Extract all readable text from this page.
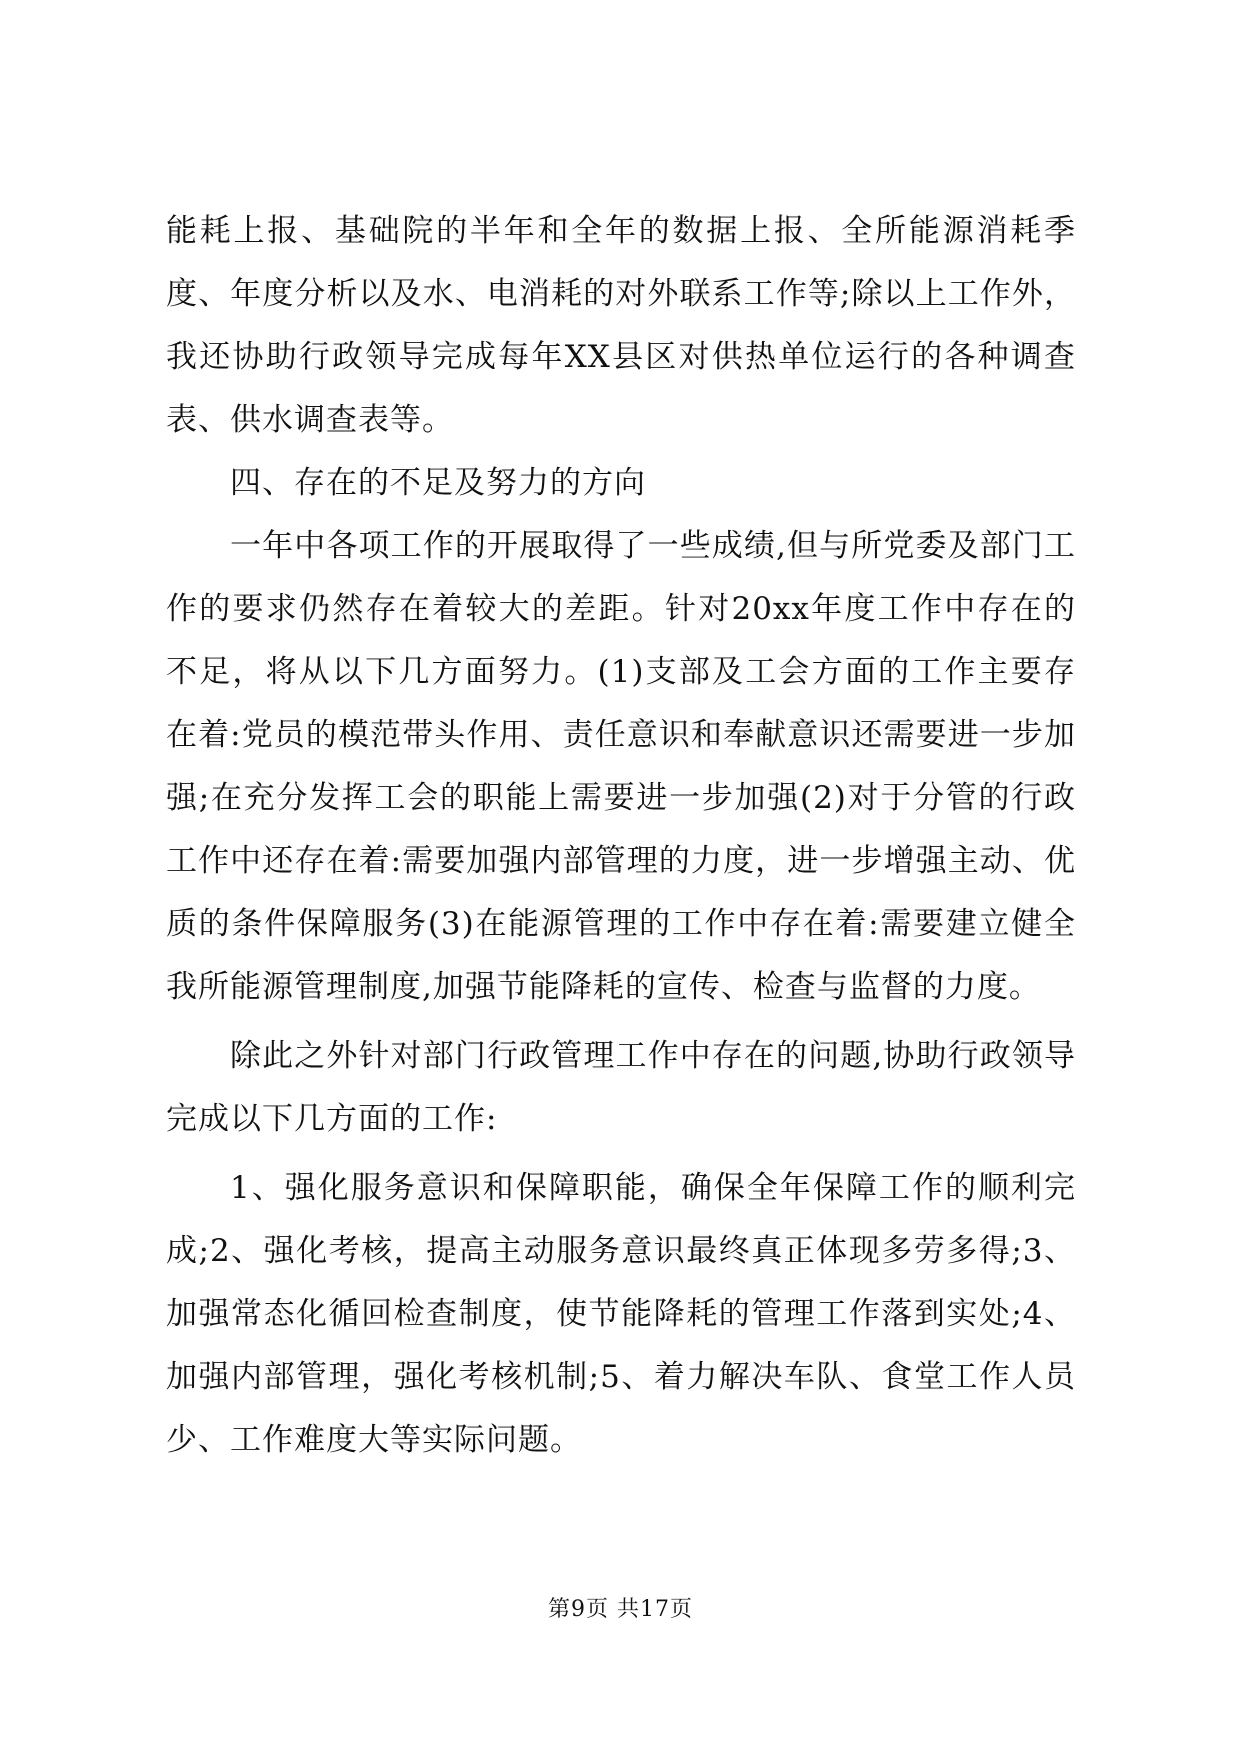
能耗上报、基础院的半年和全年的数据上报、全所能源消耗季度、年度分析以及水、电消耗的对外联系工作等;除以上工作外，我还协助行政领导完成每年XX县区对供热单位运行的各种调查表、供水调查表等。

四、存在的不足及努力的方向

一年中各项工作的开展取得了一些成绩,但与所党委及部门工作的要求仍然存在着较大的差距。针对20xx年度工作中存在的不足，将从以下几方面努力。(1)支部及工会方面的工作主要存在着:党员的模范带头作用、责任意识和奉献意识还需要进一步加强;在充分发挥工会的职能上需要进一步加强(2)对于分管的行政工作中还存在着:需要加强内部管理的力度，进一步增强主动、优质的条件保障服务(3)在能源管理的工作中存在着:需要建立健全我所能源管理制度,加强节能降耗的宣传、检查与监督的力度。

除此之外针对部门行政管理工作中存在的问题,协助行政领导完成以下几方面的工作:

1、强化服务意识和保障职能，确保全年保障工作的顺利完成;2、强化考核，提高主动服务意识最终真正体现多劳多得;3、加强常态化循回检查制度，使节能降耗的管理工作落到实处;4、加强内部管理，强化考核机制;5、着力解决车队、食堂工作人员少、工作难度大等实际问题。

第9页 共17页
